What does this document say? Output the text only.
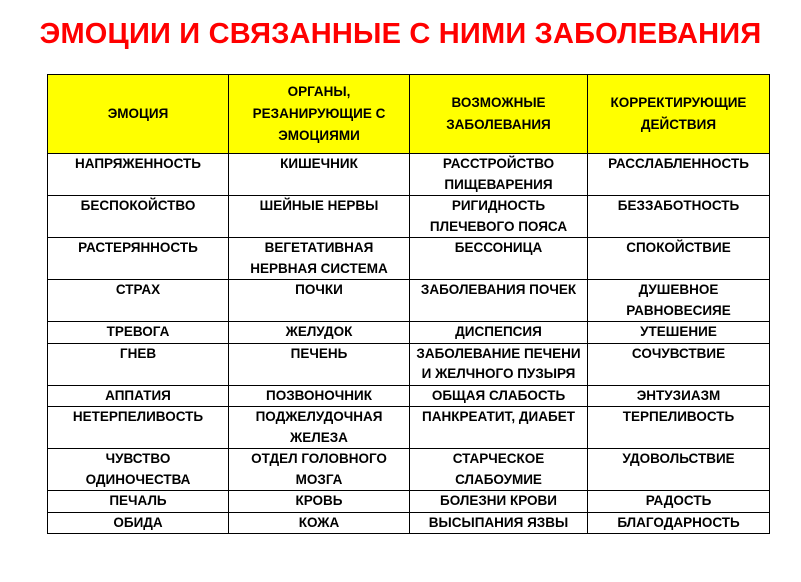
ЭМОЦИИ И СВЯЗАННЫЕ С НИМИ ЗАБОЛЕВАНИЯ
ЭМОЦИЯ	ОРГАНЫ, РЕЗАНИРУЮЩИЕ С ЭМОЦИЯМИ	ВОЗМОЖНЫЕ ЗАБОЛЕВАНИЯ	КОРРЕКТИРУЮЩИЕ ДЕЙСТВИЯ
НАПРЯЖЕННОСТЬ	КИШЕЧНИК	РАССТРОЙСТВО ПИЩЕВАРЕНИЯ	РАССЛАБЛЕННОСТЬ
БЕСПОКОЙСТВО	ШЕЙНЫЕ НЕРВЫ	РИГИДНОСТЬ ПЛЕЧЕВОГО ПОЯСА	БЕЗЗАБОТНОСТЬ
РАСТЕРЯННОСТЬ	ВЕГЕТАТИВНАЯ НЕРВНАЯ СИСТЕМА	БЕССОНИЦА	СПОКОЙСТВИЕ
СТРАХ	ПОЧКИ	ЗАБОЛЕВАНИЯ ПОЧЕК	ДУШЕВНОЕ РАВНОВЕСИЯЕ
ТРЕВОГА	ЖЕЛУДОК	ДИСПЕПСИЯ	УТЕШЕНИЕ
ГНЕВ	ПЕЧЕНЬ	ЗАБОЛЕВАНИЕ ПЕЧЕНИ И ЖЕЛЧНОГО ПУЗЫРЯ	СОЧУВСТВИЕ
АППАТИЯ	ПОЗВОНОЧНИК	ОБЩАЯ СЛАБОСТЬ	ЭНТУЗИАЗМ
НЕТЕРПЕЛИВОСТЬ	ПОДЖЕЛУДОЧНАЯ ЖЕЛЕЗА	ПАНКРЕАТИТ, ДИАБЕТ	ТЕРПЕЛИВОСТЬ
ЧУВСТВО ОДИНОЧЕСТВА	ОТДЕЛ ГОЛОВНОГО МОЗГА	СТАРЧЕСКОЕ СЛАБОУМИЕ	УДОВОЛЬСТВИЕ
ПЕЧАЛЬ	КРОВЬ	БОЛЕЗНИ КРОВИ	РАДОСТЬ
ОБИДА	КОЖА	ВЫСЫПАНИЯ ЯЗВЫ	БЛАГОДАРНОСТЬ
